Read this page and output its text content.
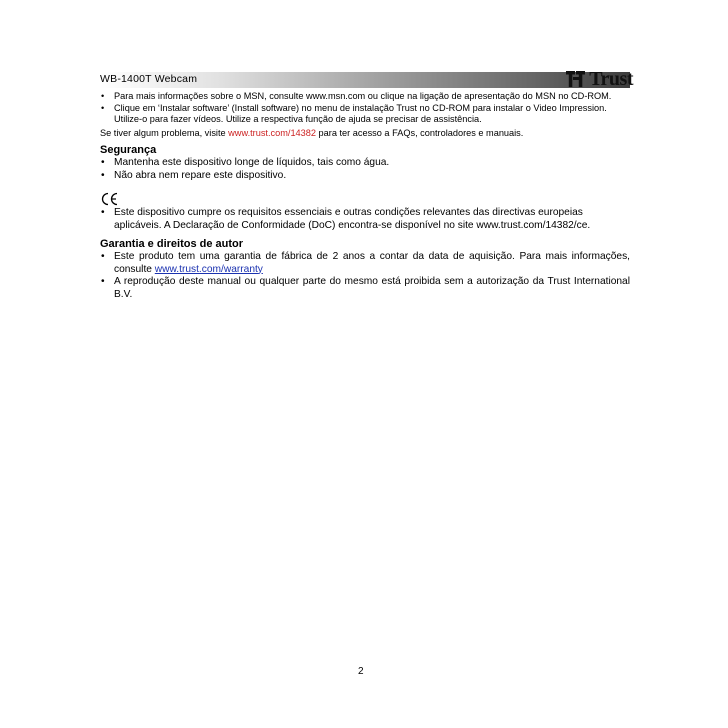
WB-1400T Webcam	Trust
• Para mais informações sobre o MSN, consulte www.msn.com ou clique na ligação de apresentação do MSN no CD-ROM.
• Clique em ‘Instalar software’ (Install software) no menu de instalação Trust no CD-ROM para instalar o Video Impression. Utilize-o para fazer vídeos. Utilize a respectiva função de ajuda se precisar de assistência.
Se tiver algum problema, visite www.trust.com/14382 para ter acesso a FAQs, controladores e manuais.
Segurança
• Mantenha este dispositivo longe de líquidos, tais como água.
• Não abra nem repare este dispositivo.
• Este dispositivo cumpre os requisitos essenciais e outras condições relevantes das directivas europeias aplicáveis. A Declaração de Conformidade (DoC) encontra-se disponível no site www.trust.com/14382/ce.
Garantia e direitos de autor
• Este produto tem uma garantia de fábrica de 2 anos a contar da data de aquisição. Para mais informações, consulte www.trust.com/warranty
• A reprodução deste manual ou qualquer parte do mesmo está proibida sem a autorização da Trust International B.V.
2
